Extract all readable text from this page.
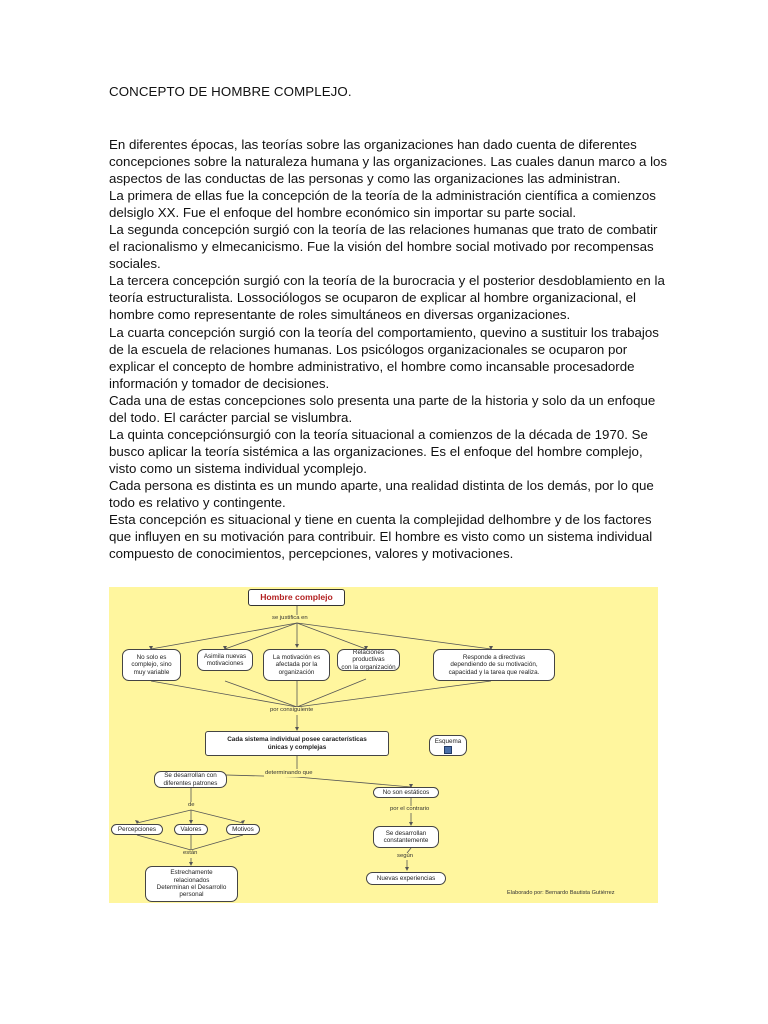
CONCEPTO DE HOMBRE COMPLEJO.

En diferentes épocas, las teorías sobre las organizaciones han dado cuenta de diferentes concepciones sobre la naturaleza humana y las organizaciones. Las cuales danun marco a los aspectos de las conductas de las personas y como las organizaciones las administran.

La primera de ellas fue la concepción de la teoría de la administración científica a comienzos delsiglo XX. Fue el enfoque del hombre económico sin importar su parte social.

La segunda concepción surgió con la teoría de las relaciones humanas que trato de combatir el racionalismo y elmecanicismo. Fue la visión del hombre social motivado por recompensas sociales.

La tercera concepción surgió con la teoría de la burocracia y el posterior desdoblamiento en la teoría estructuralista. Lossociólogos se ocuparon de explicar al hombre organizacional, el hombre como representante de roles simultáneos en diversas organizaciones.

La cuarta concepción surgió con la teoría del comportamiento, quevino a sustituir los trabajos de la escuela de relaciones humanas. Los psicólogos organizacionales se ocuparon por explicar el concepto de hombre administrativo, el hombre como incansable procesadorde información y tomador de decisiones.

Cada una de estas concepciones solo presenta una parte de la historia y solo da un enfoque del todo. El carácter parcial se vislumbra.

La quinta concepciónsurgió con la teoría situacional a comienzos de la década de 1970. Se busco aplicar la teoría sistémica a las organizaciones. Es el enfoque del hombre complejo, visto como un sistema individual ycomplejo.

Cada persona es distinta es un mundo aparte, una realidad distinta de los demás, por lo que todo es relativo y contingente.

Esta concepción es situacional y tiene en cuenta la complejidad delhombre y de los factores que influyen en su motivación para contribuir. El hombre es visto como un sistema individual compuesto de conocimientos, percepciones, valores y motivaciones.

Hombre complejo
se justifica en
No solo es
complejo, sino
muy variable
Asimila nuevas
motivaciones
La motivación es
afectada por la
organización
Relaciones productivas
con la organización
Responde a directivas
dependiendo de su motivación,
capacidad y la tarea que realiza.
por consiguiente
Cada sistema individual posee características
únicas y complejas
Esquema
determinando que
Se desarrollan con
diferentes patrones
de
Percepciones	Valores	Motivos
están
Estrechamente
relacionados
Determinan el Desarrollo
personal
No son estáticos
por el contrario
Se desarrollan
constantemente
según
Nuevas experiencias
Elaborado por: Bernardo Bautista Gutiérrez
